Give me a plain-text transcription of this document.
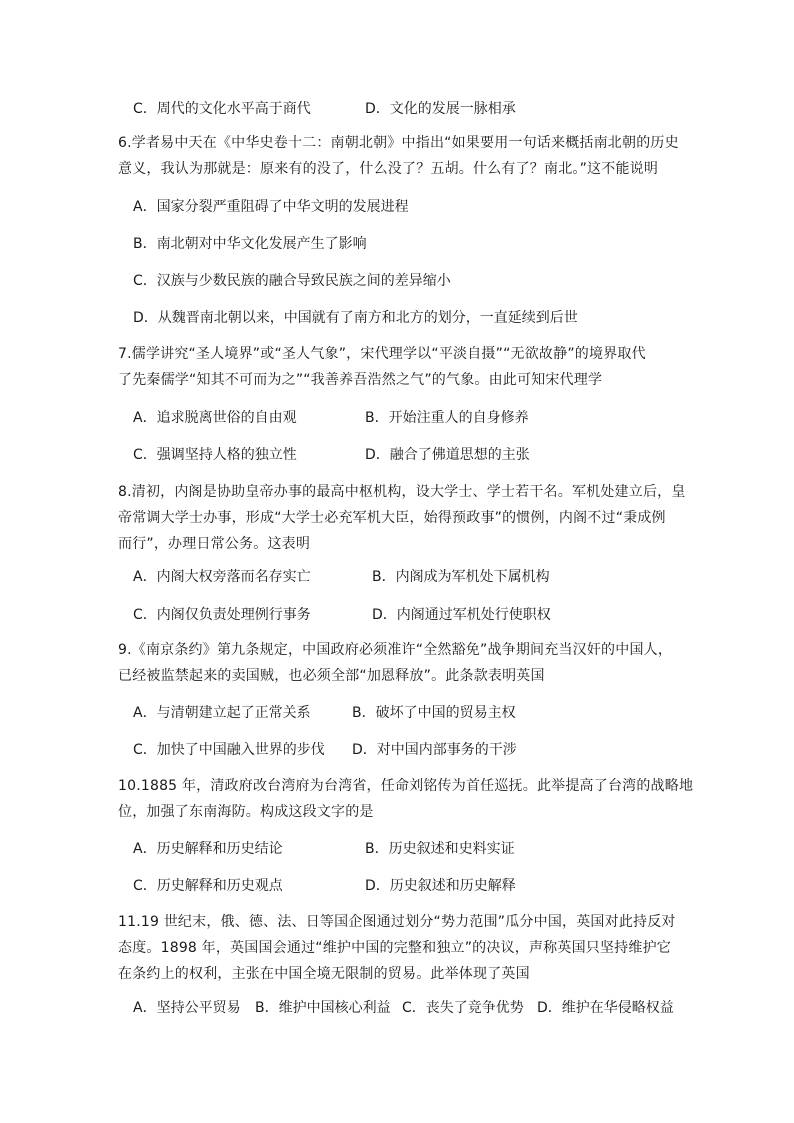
C．周代的文化水平高于商代	D．文化的发展一脉相承
6.学者易中天在《中华史卷十二：南朝北朝》中指出“如果要用一句话来概括南北朝的历史
意义，我认为那就是：原来有的没了，什么没了？五胡。什么有了？南北。”这不能说明
A．国家分裂严重阻碍了中华文明的发展进程
B．南北朝对中华文化发展产生了影响
C．汉族与少数民族的融合导致民族之间的差异缩小
D．从魏晋南北朝以来，中国就有了南方和北方的划分，一直延续到后世
7.儒学讲究“圣人境界”或“圣人气象”，宋代理学以“平淡自摄”“无欲故静”的境界取代
了先秦儒学“知其不可而为之”“我善养吾浩然之气”的气象。由此可知宋代理学
A．追求脱离世俗的自由观	B．开始注重人的自身修养
C．强调坚持人格的独立性	D．融合了佛道思想的主张
8.清初，内阁是协助皇帝办事的最高中枢机构，设大学士、学士若干名。军机处建立后，皇
帝常调大学士办事，形成“大学士必充军机大臣，始得预政事”的惯例，内阁不过“秉成例
而行”，办理日常公务。这表明
A．内阁大权旁落而名存实亡	B．内阁成为军机处下属机构
C．内阁仅负责处理例行事务	D．内阁通过军机处行使职权
9.《南京条约》第九条规定，中国政府必须准许“全然豁免”战争期间充当汉奸的中国人，
已经被监禁起来的卖国贼，也必须全部“加恩释放”。此条款表明英国
A．与清朝建立起了正常关系	B．破坏了中国的贸易主权
C．加快了中国融入世界的步伐 D．对中国内部事务的干涉
10.1885 年，清政府改台湾府为台湾省，任命刘铭传为首任巡抚。此举提高了台湾的战略地
位，加强了东南海防。构成这段文字的是
A．历史解释和历史结论	B．历史叙述和史料实证
C．历史解释和历史观点	D．历史叙述和历史解释
11.19 世纪末，俄、德、法、日等国企图通过划分“势力范围”瓜分中国，英国对此持反对
态度。1898 年，英国国会通过“维护中国的完整和独立”的决议，声称英国只坚持维护它
在条约上的权利，主张在中国全境无限制的贸易。此举体现了英国
A．坚持公平贸易 B．维护中国核心利益 C．丧失了竞争优势 D．维护在华侵略权益
